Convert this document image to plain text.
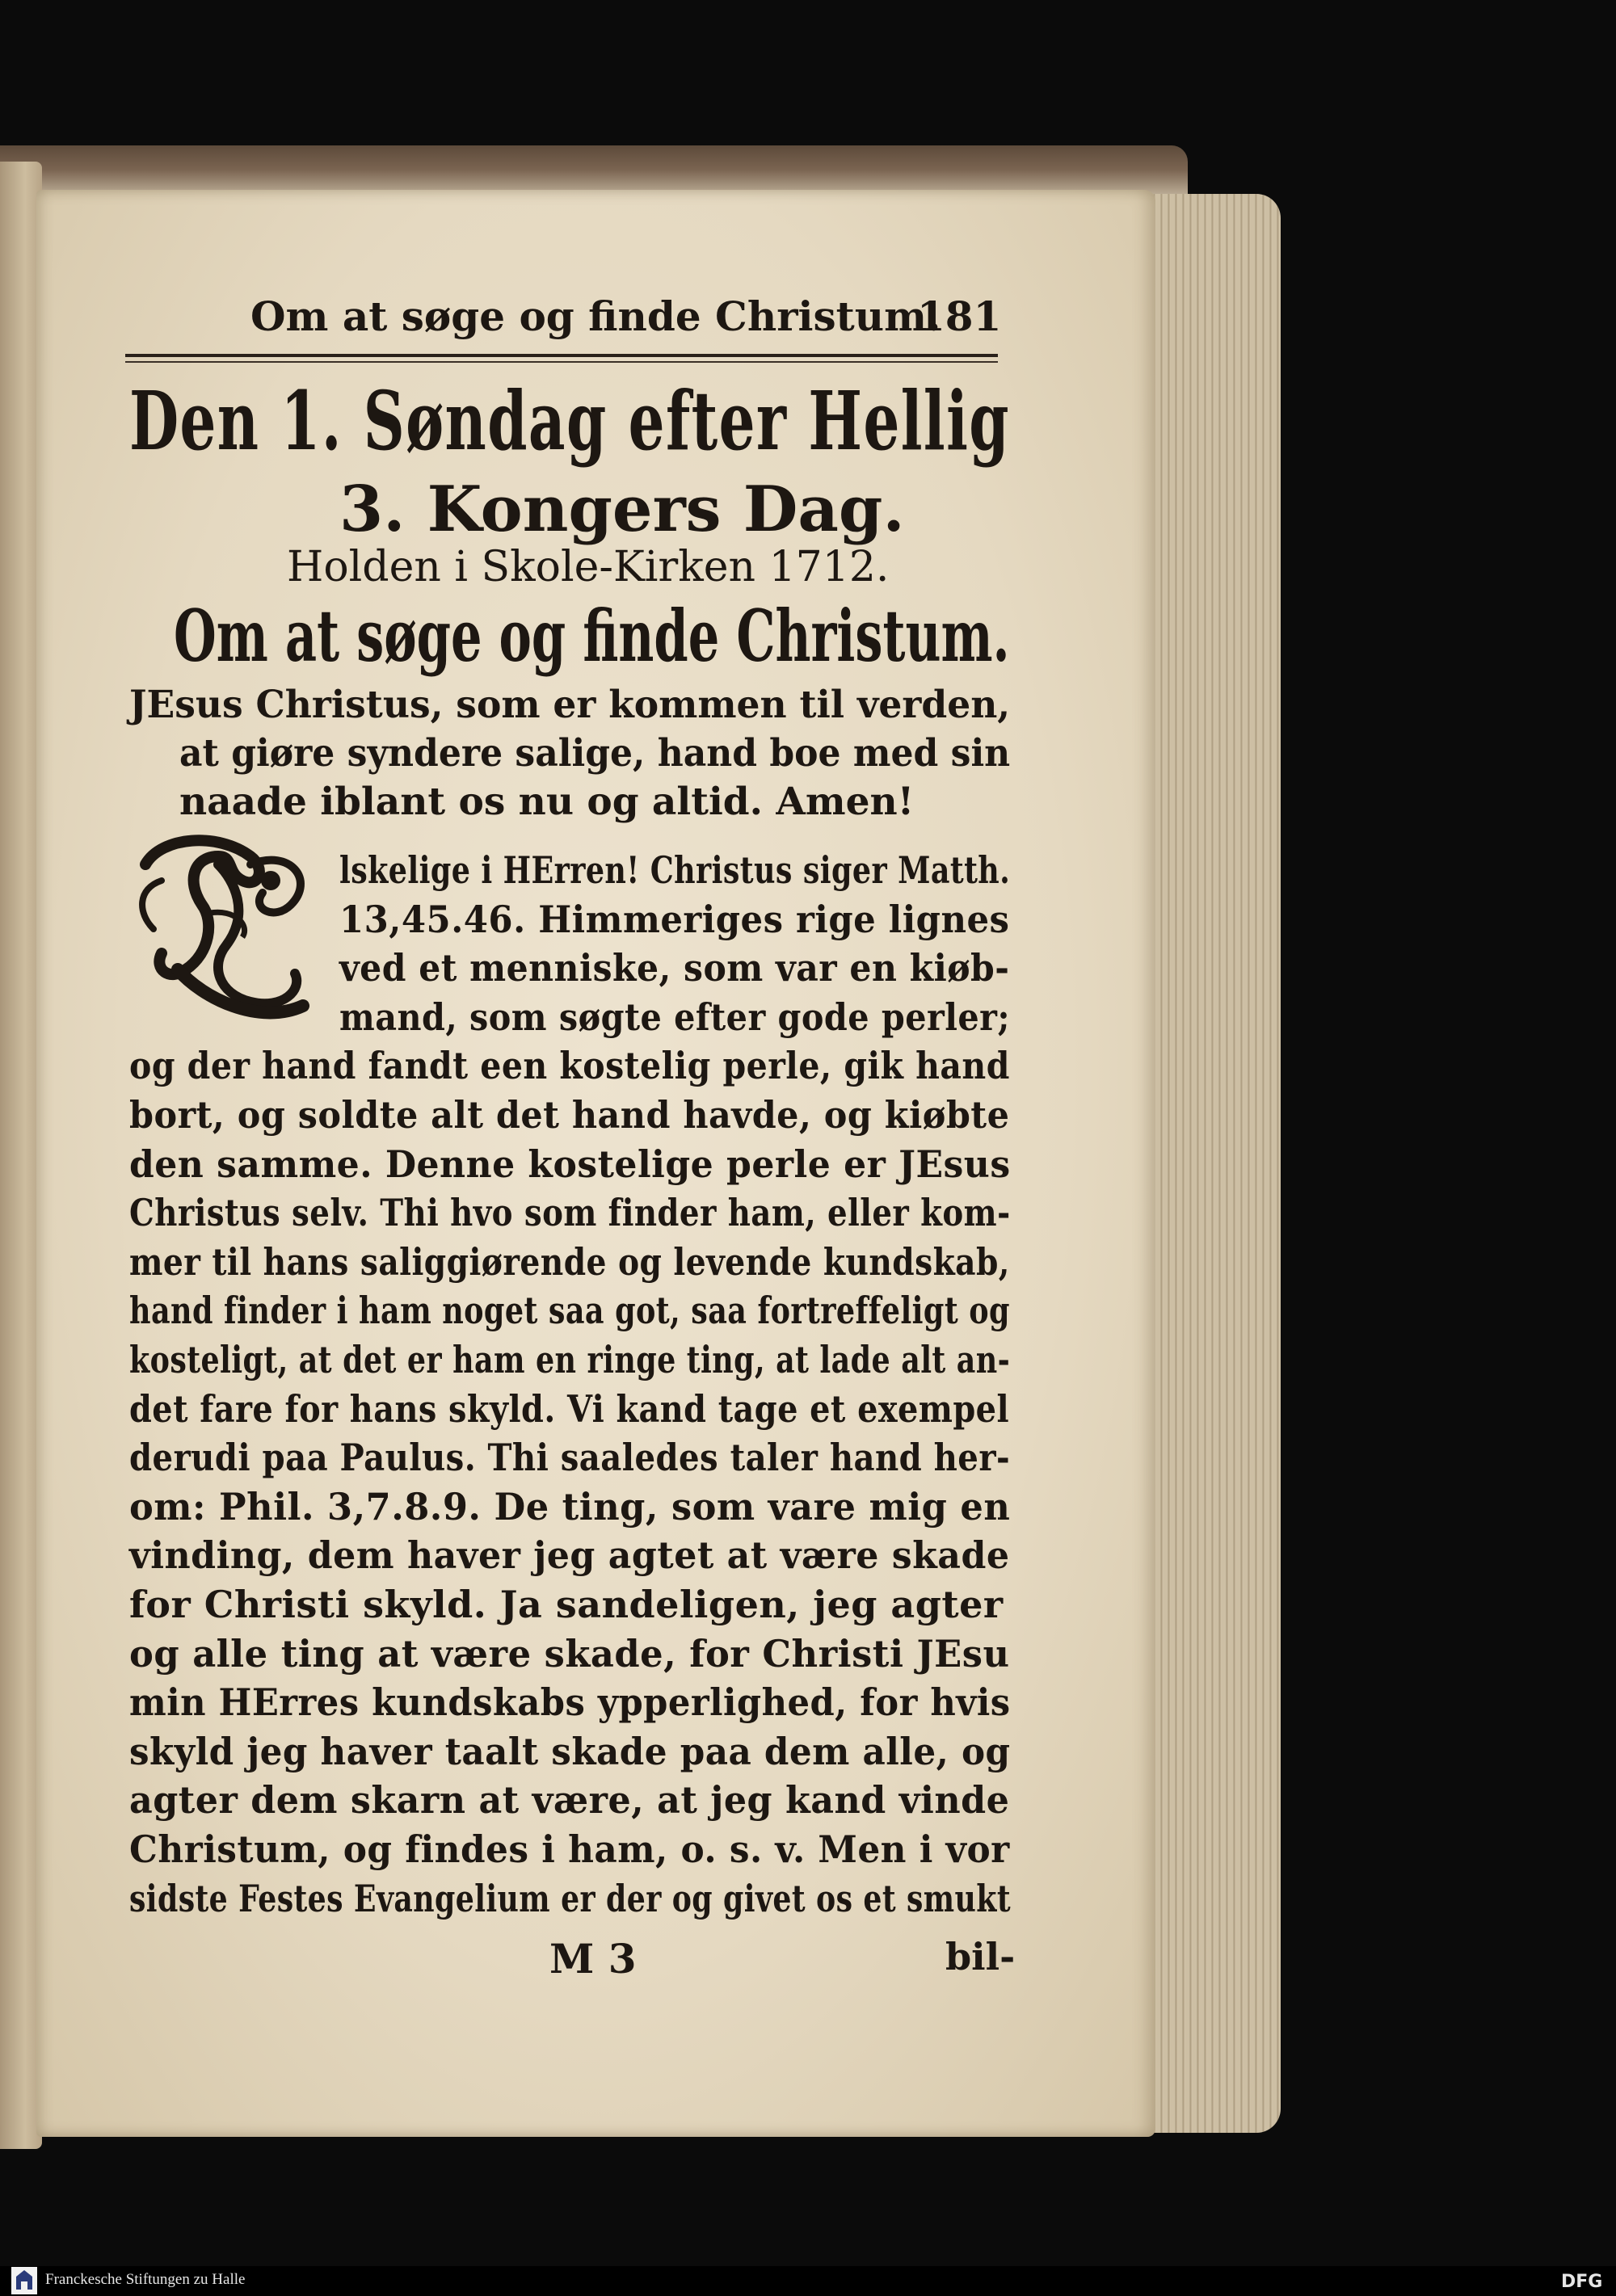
Om at søge og finde Christum.
181
Den 1. Søndag efter Hellig
3. Kongers Dag.
Holden i Skole-Kirken 1712.
Om at søge og finde Christum.
JEsus Christus, som er kommen til verden,
at giøre syndere salige, hand boe med sin
naade iblant os nu og altid. Amen!
lskelige i HErren! Christus siger Matth.
13,45.46. Himmeriges rige lignes
ved et menniske, som var en kiøb-
mand, som søgte efter gode perler;
og der hand fandt een kostelig perle, gik hand
bort, og soldte alt det hand havde, og kiøbte
den samme. Denne kostelige perle er JEsus
Christus selv. Thi hvo som finder ham, eller kom-
mer til hans saliggiørende og levende kundskab,
hand finder i ham noget saa got, saa fortreffeligt og
kosteligt, at det er ham en ringe ting, at lade alt an-
det fare for hans skyld. Vi kand tage et exempel
derudi paa Paulus. Thi saaledes taler hand her-
om: Phil. 3,7.8.9. De ting, som vare mig en
vinding, dem haver jeg agtet at være skade
for Christi skyld. Ja sandeligen, jeg agter
og alle ting at være skade, for Christi JEsu
min HErres kundskabs ypperlighed, for hvis
skyld jeg haver taalt skade paa dem alle, og
agter dem skarn at være, at jeg kand vinde
Christum, og findes i ham, o. s. v. Men i vor
sidste Festes Evangelium er der og givet os et smukt
M 3	bil-
Franckesche Stiftungen zu Halle	DFG
